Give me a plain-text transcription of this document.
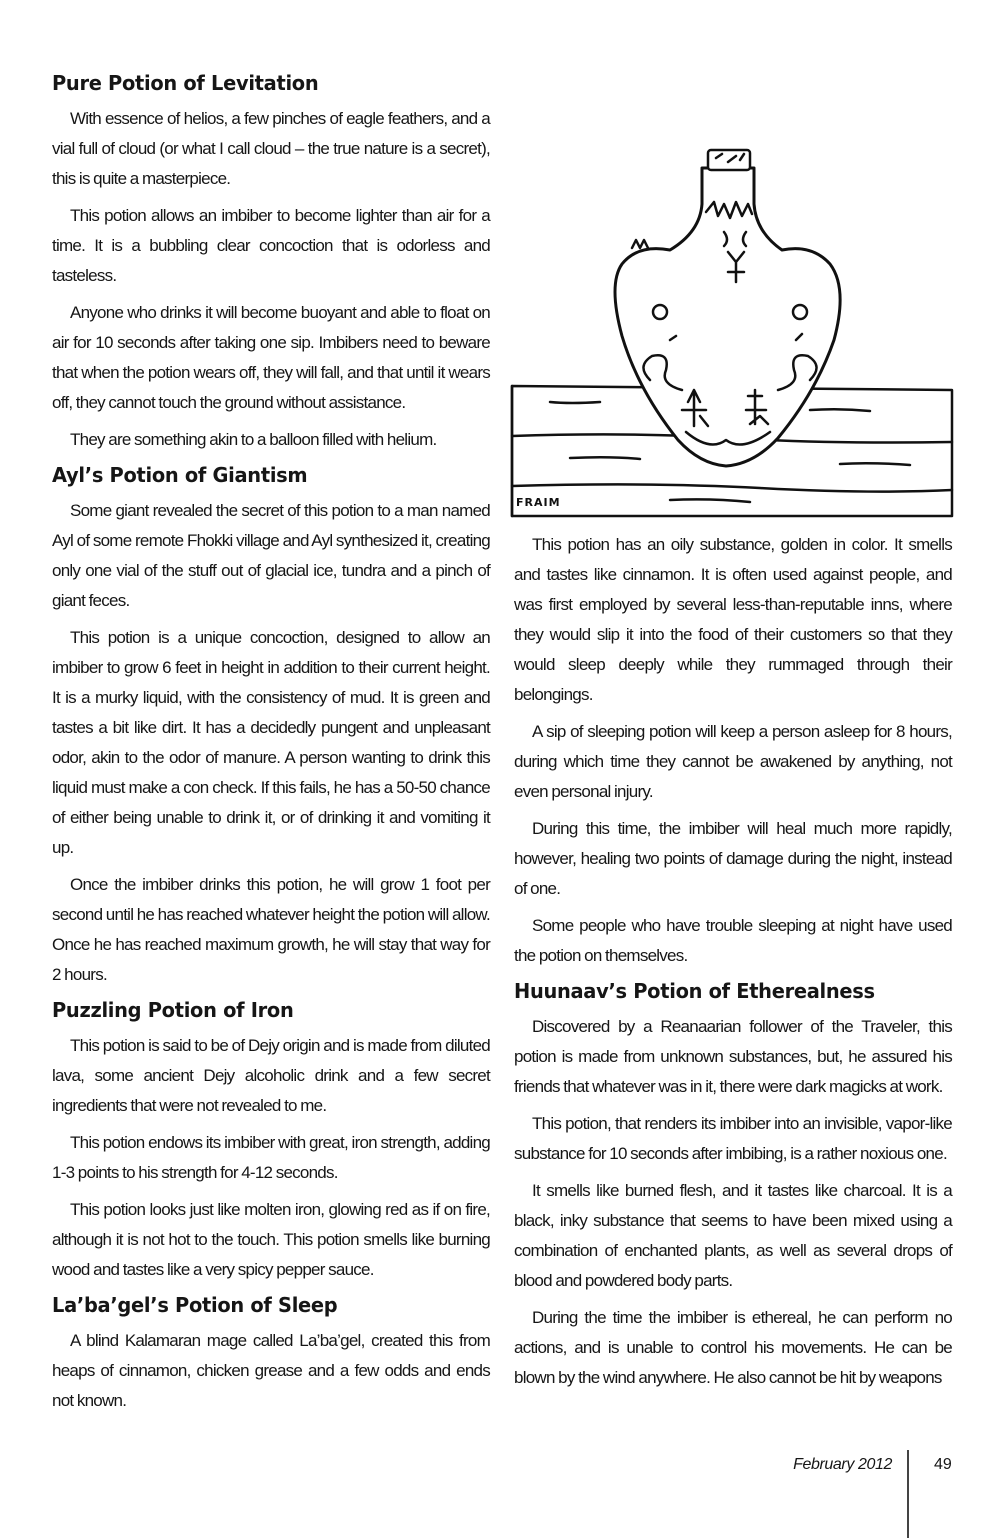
Pure Potion of Levitation

With essence of helios, a few pinches of eagle feathers, and a vial full of cloud (or what I call cloud – the true nature is a secret), this is quite a masterpiece.

This potion allows an imbiber to become lighter than air for a time. It is a bubbling clear concoction that is odorless and tasteless.

Anyone who drinks it will become buoyant and able to float on air for 10 seconds after taking one sip. Imbibers need to beware that when the potion wears off, they will fall, and that until it wears off, they cannot touch the ground without assistance.

They are something akin to a balloon filled with helium.

Ayl’s Potion of Giantism

Some giant revealed the secret of this potion to a man named Ayl of some remote Fhokki village and Ayl synthesized it, creating only one vial of the stuff out of glacial ice, tundra and a pinch of giant feces.

This potion is a unique concoction, designed to allow an imbiber to grow 6 feet in height in addition to their current height. It is a murky liquid, with the consistency of mud. It is green and tastes a bit like dirt. It has a decidedly pungent and unpleasant odor, akin to the odor of manure. A person wanting to drink this liquid must make a con check. If this fails, he has a 50-50 chance of either being unable to drink it, or of drinking it and vomiting it up.

Once the imbiber drinks this potion, he will grow 1 foot per second until he has reached whatever height the potion will allow. Once he has reached maximum growth, he will stay that way for 2 hours.

Puzzling Potion of Iron

This potion is said to be of Dejy origin and is made from diluted lava, some ancient Dejy alcoholic drink and a few secret ingredients that were not revealed to me.

This potion endows its imbiber with great, iron strength, adding 1-3 points to his strength for 4-12 seconds.

This potion looks just like molten iron, glowing red as if on fire, although it is not hot to the touch. This potion smells like burning wood and tastes like a very spicy pepper sauce.

La’ba’gel’s Potion of Sleep

A blind Kalamaran mage called La’ba’gel, created this from heaps of cinnamon, chicken grease and a few odds and ends not known.

FRAIM

This potion has an oily substance, golden in color. It smells and tastes like cinnamon. It is often used against people, and was first employed by several less-than-reputable inns, where they would slip it into the food of their customers so that they would sleep deeply while they rummaged through their belongings.

A sip of sleeping potion will keep a person asleep for 8 hours, during which time they cannot be awakened by anything, not even personal injury.

During this time, the imbiber will heal much more rapidly, however, healing two points of damage during the night, instead of one.

Some people who have trouble sleeping at night have used the potion on themselves.

Huunaav’s Potion of Etherealness

Discovered by a Reanaarian follower of the Traveler, this potion is made from unknown substances, but, he assured his friends that whatever was in it, there were dark magicks at work.

This potion, that renders its imbiber into an invisible, vapor-like substance for 10 seconds after imbibing, is a rather noxious one.

It smells like burned flesh, and it tastes like charcoal. It is a black, inky substance that seems to have been mixed using a combination of enchanted plants, as well as several drops of blood and powdered body parts.

During the time the imbiber is ethereal, he can perform no actions, and is unable to control his movements. He can be blown by the wind anywhere. He also cannot be hit by weapons

February 2012	49
